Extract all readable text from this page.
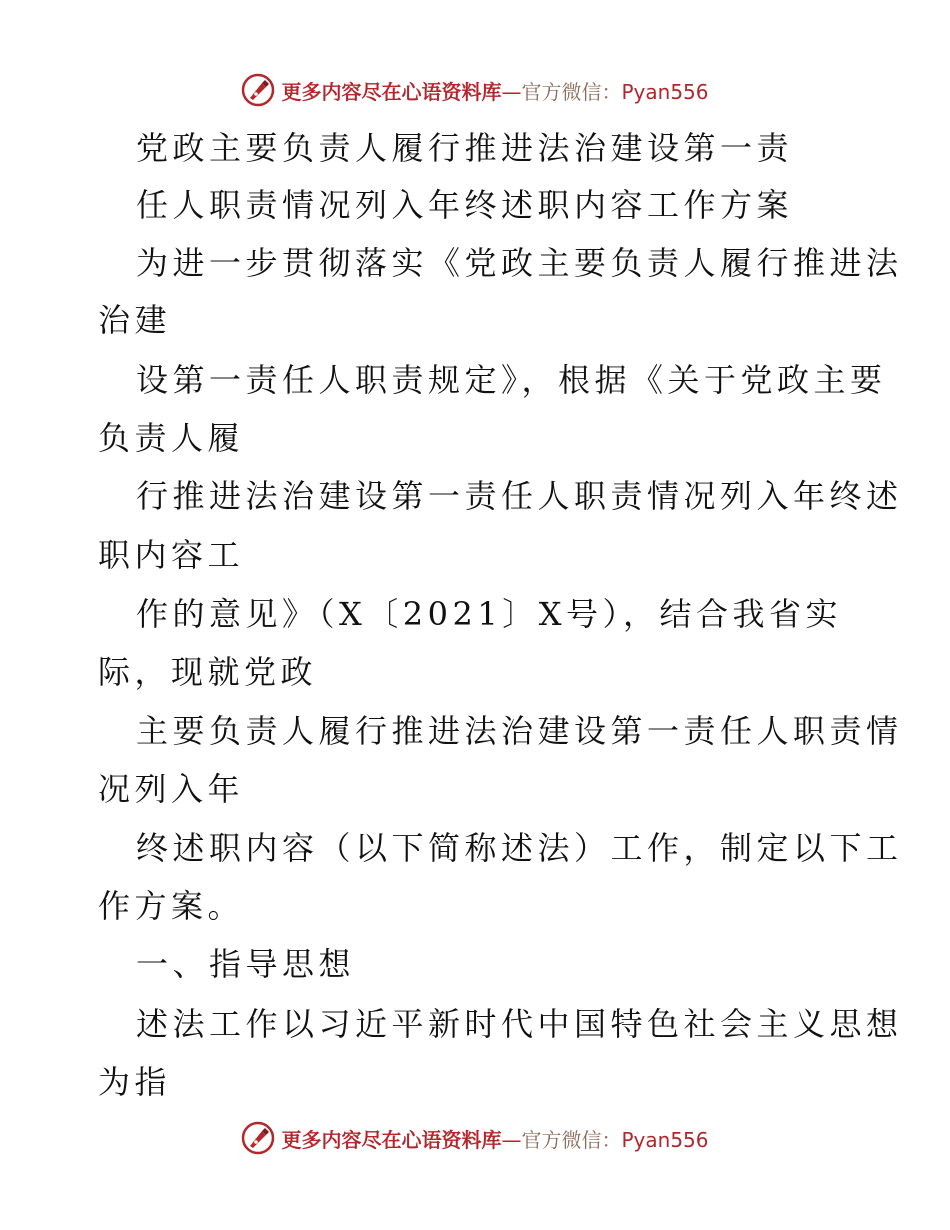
更多内容尽在心语资料库—官方微信：Pyan556
党政主要负责人履行推进法治建设第一责
任人职责情况列入年终述职内容工作方案
为进一步贯彻落实《党政主要负责人履行推进法
治建
设第一责任人职责规定》，根据《关于党政主要
负责人履
行推进法治建设第一责任人职责情况列入年终述
职内容工
作的意见》（X〔2021〕X号），结合我省实
际，现就党政
主要负责人履行推进法治建设第一责任人职责情
况列入年
终述职内容（以下简称述法）工作，制定以下工
作方案。
一、指导思想
述法工作以习近平新时代中国特色社会主义思想
为指
更多内容尽在心语资料库—官方微信：Pyan556
